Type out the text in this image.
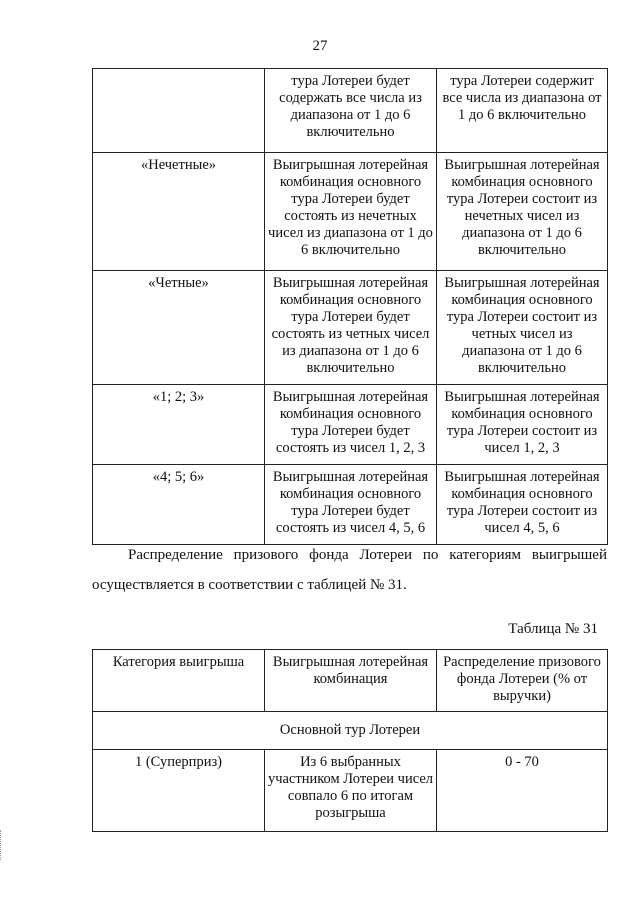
27
	тура Лотереи будет содержать все числа из диапазона от 1 до 6 включительно	тура Лотереи содержит все числа из диапазона от 1 до 6 включительно
«Нечетные»	Выигрышная лотерейная комбинация основного тура Лотереи будет состоять из нечетных чисел из диапазона от 1 до 6 включительно	Выигрышная лотерейная комбинация основного тура Лотереи состоит из нечетных чисел из диапазона от 1 до 6 включительно
«Четные»	Выигрышная лотерейная комбинация основного тура Лотереи будет состоять из четных чисел из диапазона от 1 до 6 включительно	Выигрышная лотерейная комбинация основного тура Лотереи состоит из четных чисел из диапазона от 1 до 6 включительно
«1; 2; 3»	Выигрышная лотерейная комбинация основного тура Лотереи будет состоять из чисел 1, 2, 3	Выигрышная лотерейная комбинация основного тура Лотереи состоит из чисел 1, 2, 3
«4; 5; 6»	Выигрышная лотерейная комбинация основного тура Лотереи будет состоять из чисел 4, 5, 6	Выигрышная лотерейная комбинация основного тура Лотереи состоит из чисел 4, 5, 6
Распределение призового фонда Лотереи по категориям выигрышей осуществляется в соответствии с таблицей № 31.
Таблица № 31
Категория выигрыша	Выигрышная лотерейная комбинация	Распределение призового фонда Лотереи (% от выручки)
Основной тур Лотереи		
1 (Суперприз)	Из 6 выбранных участником Лотереи чисел совпало 6 по итогам розыгрыша	0 - 70
